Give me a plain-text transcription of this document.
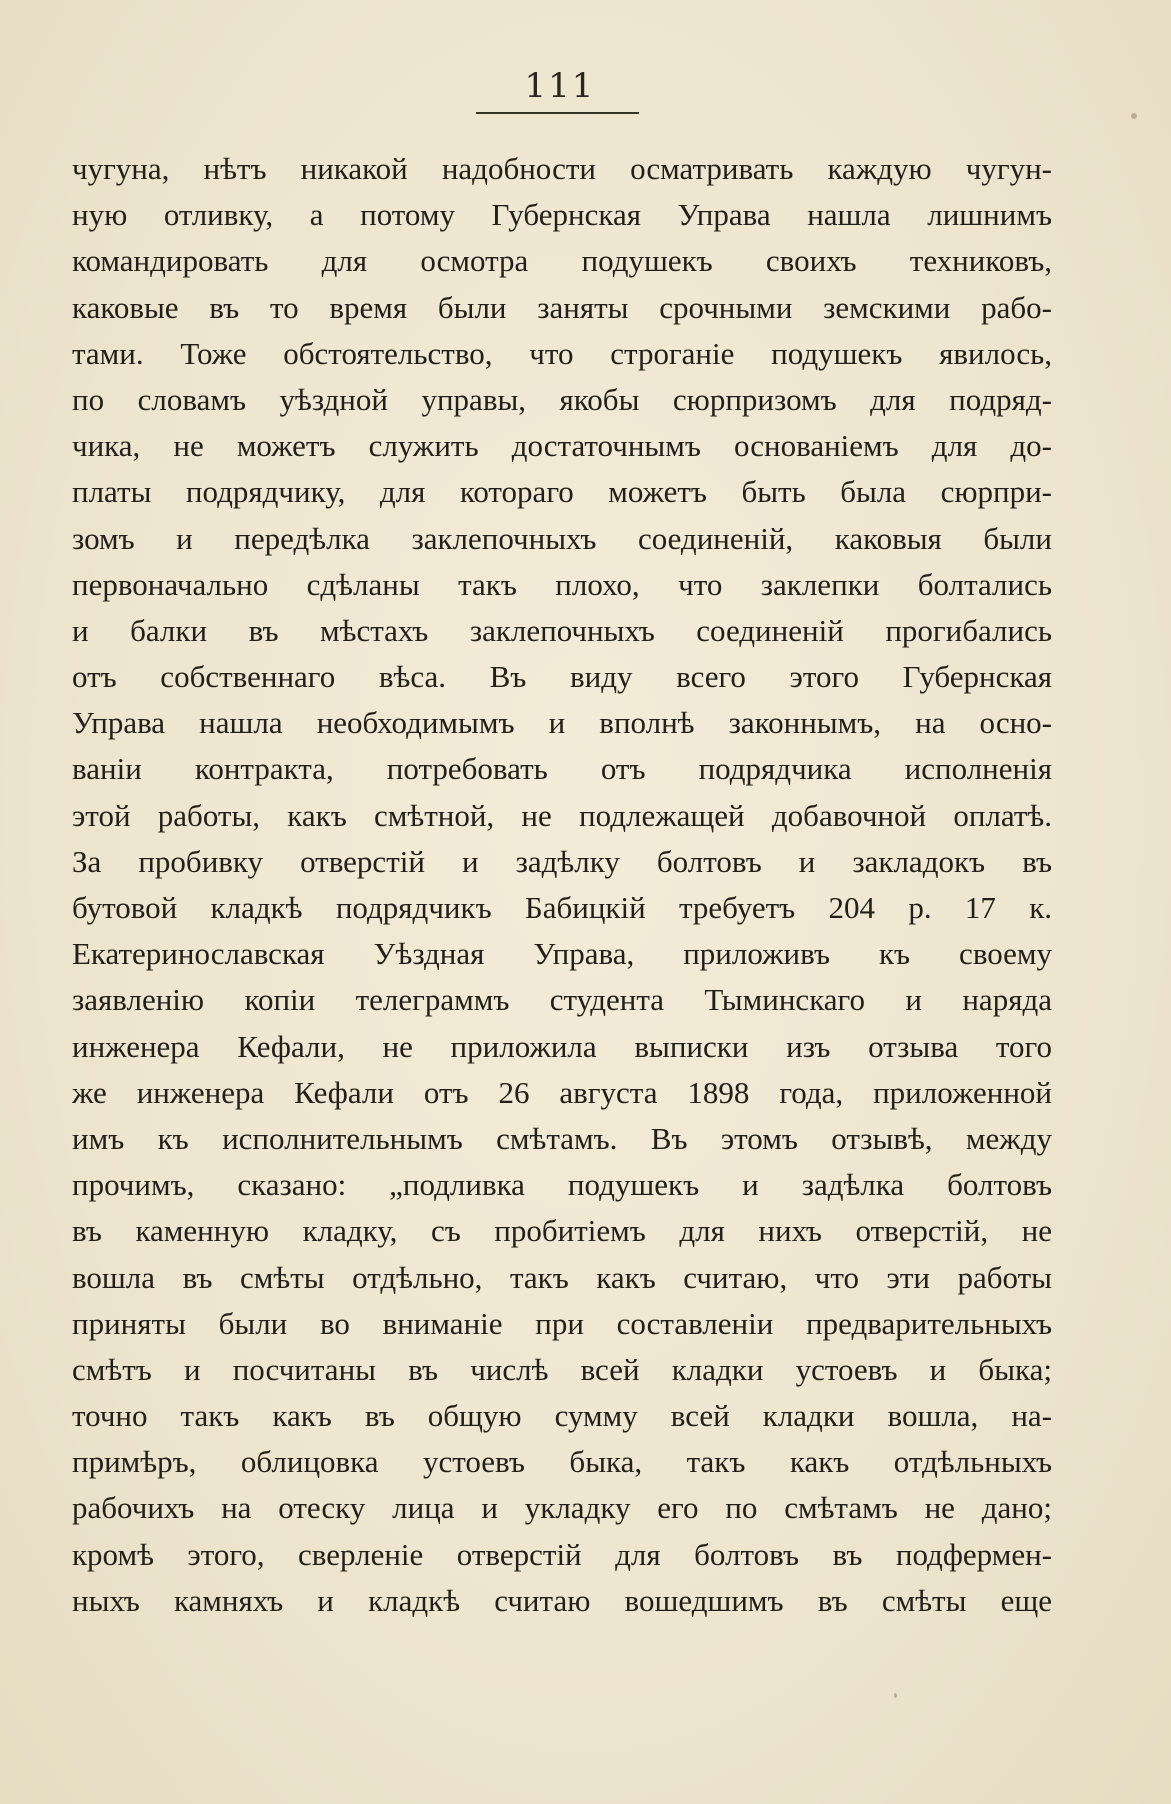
111
чугуна, нѣтъ никакой надобности осматривать каждую чугун-
ную отливку, а потому Губернская Управа нашла лишнимъ
командировать для осмотра подушекъ своихъ техниковъ,
каковые въ то время были заняты срочными земскими рабо-
тами. Тоже обстоятельство, что строганіе подушекъ явилось,
по словамъ уѣздной управы, якобы сюрпризомъ для подряд-
чика, не можетъ служить достаточнымъ основаніемъ для до-
платы подрядчику, для котораго можетъ быть была сюрпри-
зомъ и передѣлка заклепочныхъ соединеній, каковыя были
первоначально сдѣланы такъ плохо, что заклепки болтались
и балки въ мѣстахъ заклепочныхъ соединеній прогибались
отъ собственнаго вѣса. Въ виду всего этого Губернская
Управа нашла необходимымъ и вполнѣ законнымъ, на осно-
ваніи контракта, потребовать отъ подрядчика исполненія
этой работы, какъ смѣтной, не подлежащей добавочной оплатѣ.
За пробивку отверстій и задѣлку болтовъ и закладокъ въ
бутовой кладкѣ подрядчикъ Бабицкій требуетъ 204 р. 17 к.
Екатеринославская Уѣздная Управа, приложивъ къ своему
заявленію копіи телеграммъ студента Тыминскаго и наряда
инженера Кефали, не приложила выписки изъ отзыва того
же инженера Кефали отъ 26 августа 1898 года, приложенной
имъ къ исполнительнымъ смѣтамъ. Въ этомъ отзывѣ, между
прочимъ, сказано: „подливка подушекъ и задѣлка болтовъ
въ каменную кладку, съ пробитіемъ для нихъ отверстій, не
вошла въ смѣты отдѣльно, такъ какъ считаю, что эти работы
приняты были во вниманіе при составленіи предварительныхъ
смѣтъ и посчитаны въ числѣ всей кладки устоевъ и быка;
точно такъ какъ въ общую сумму всей кладки вошла, на-
примѣръ, облицовка устоевъ быка, такъ какъ отдѣльныхъ
рабочихъ на отеску лица и укладку его по смѣтамъ не дано;
кромѣ этого, сверленіе отверстій для болтовъ въ подфермен-
ныхъ камняхъ и кладкѣ считаю вошедшимъ въ смѣты еще
